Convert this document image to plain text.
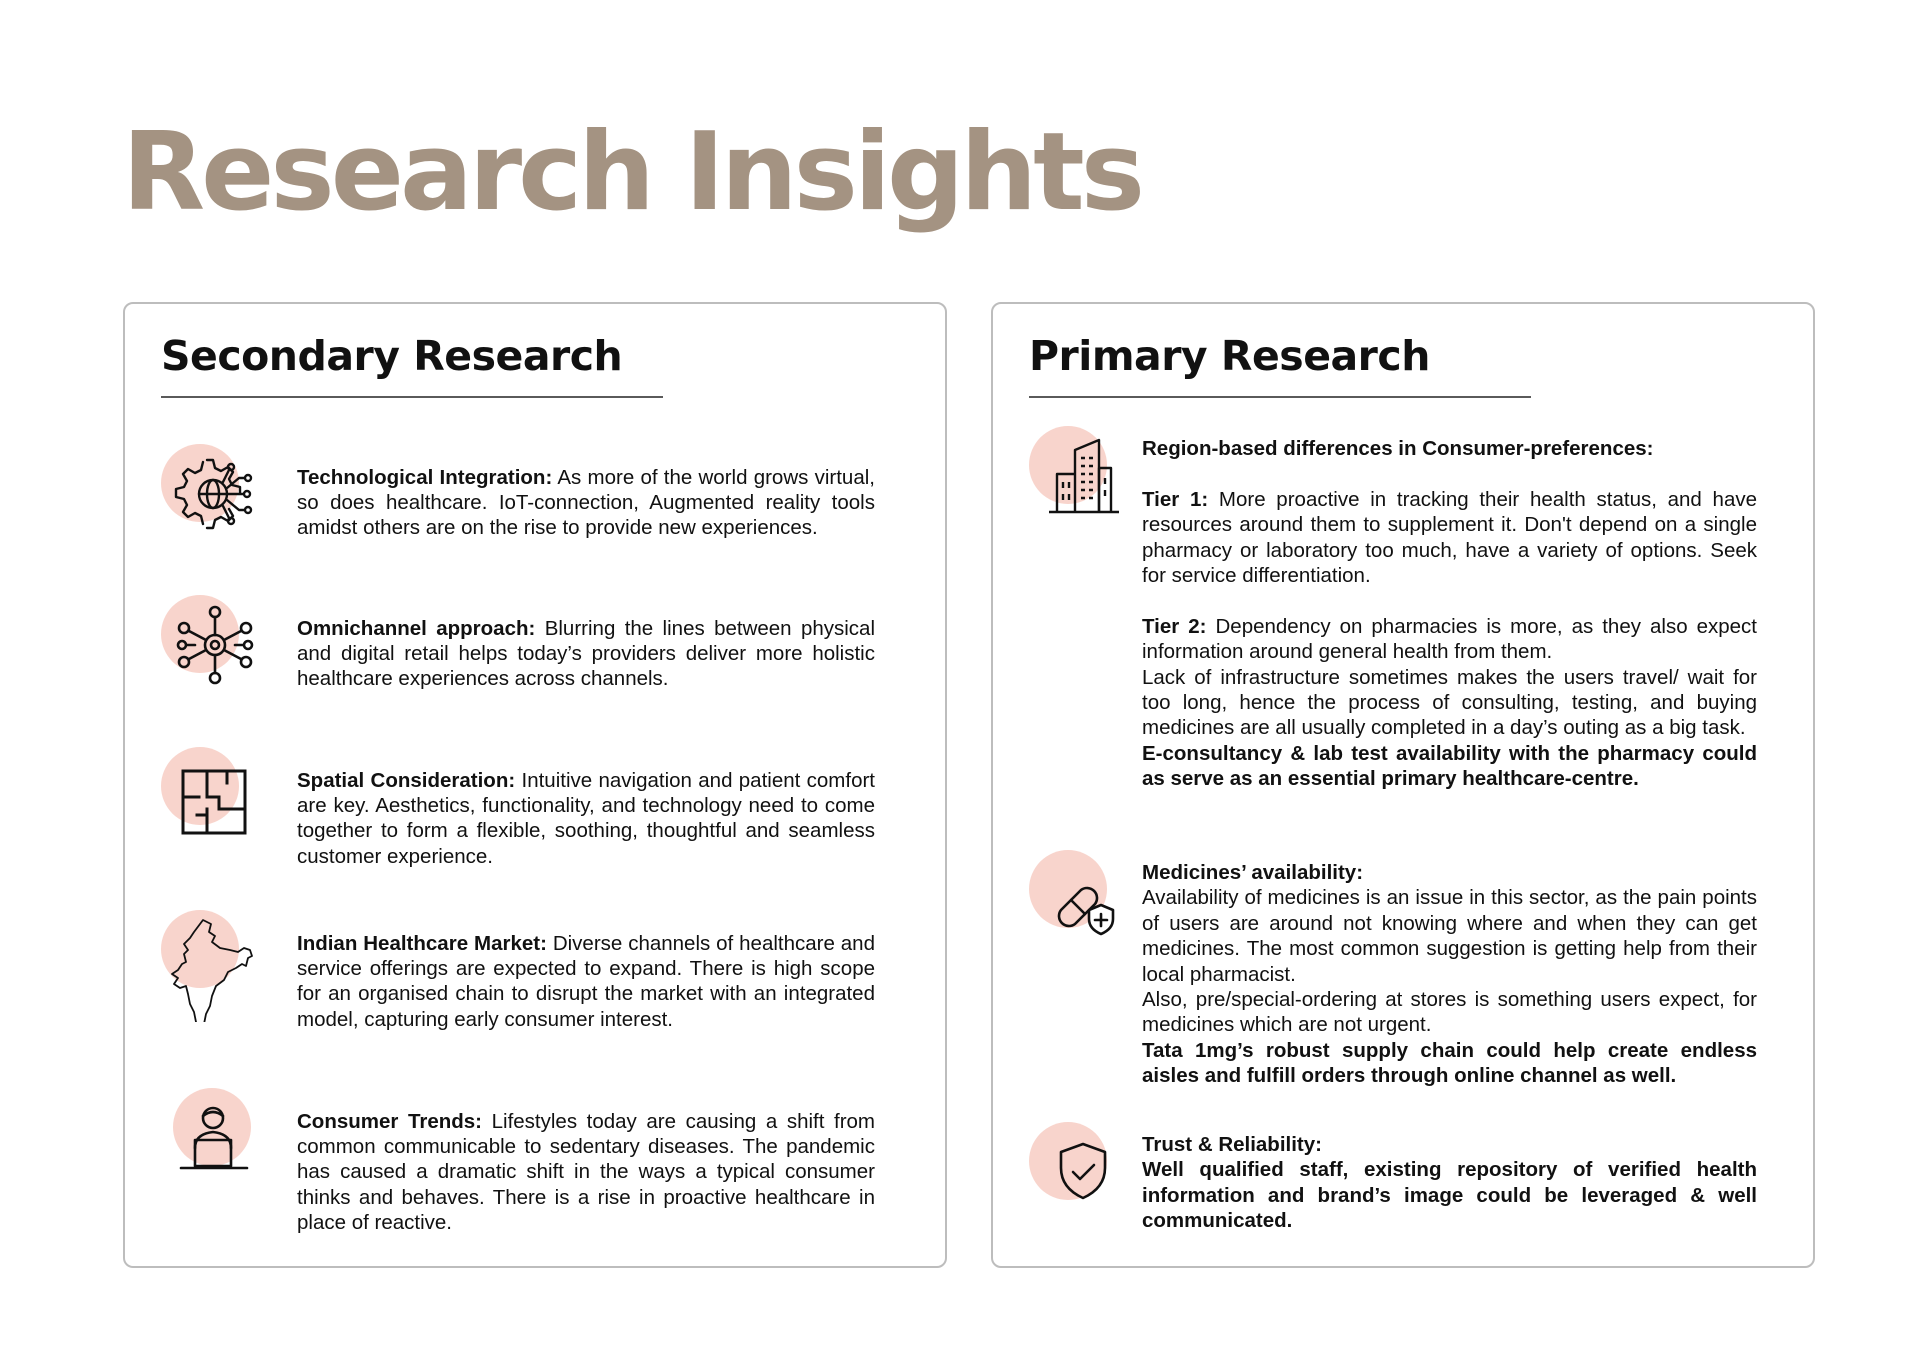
Research Insights
Secondary Research

Technological Integration: As more of the world grows virtual, so does healthcare. IoT-connection, Augmented reality tools amidst others are on the rise to provide new experiences.

Omnichannel approach: Blurring the lines between physical and digital retail helps today’s providers deliver more holistic healthcare experiences across channels.

Spatial Consideration: Intuitive navigation and patient comfort are key. Aesthetics, functionality, and technology need to come together to form a flexible, soothing, thoughtful and seamless customer experience.

Indian Healthcare Market: Diverse channels of healthcare and service offerings are expected to expand. There is high scope for an organised chain to disrupt the market with an integrated model, capturing early consumer interest.

Consumer Trends: Lifestyles today are causing a shift from common communicable to sedentary diseases. The pandemic has caused a dramatic shift in the ways a typical consumer thinks and behaves. There is a rise in proactive healthcare in place of reactive.

Primary Research
Region-based differences in Consumer-preferences:
Tier 1: More proactive in tracking their health status, and have resources around them to supplement it. Don't depend on a single pharmacy or laboratory too much, have a variety of options. Seek for service differentiation.
Tier 2: Dependency on pharmacies is more, as they also expect information around general health from them.
Lack of infrastructure sometimes makes the users travel/ wait for too long, hence the process of consulting, testing, and buying medicines are all usually completed in a day’s outing as a big task.
E-consultancy & lab test availability with the pharmacy could as serve as an essential primary healthcare-centre.
Medicines’ availability:
Availability of medicines is an issue in this sector, as the pain points of users are around not knowing where and when they can get medicines. The most common suggestion is getting help from their local pharmacist.
Also, pre/special-ordering at stores is something users expect, for medicines which are not urgent.
Tata 1mg’s robust supply chain could help create endless aisles and fulfill orders through online channel as well.
Trust & Reliability:
Well qualified staff, existing repository of verified health information and brand’s image could be leveraged & well communicated.
